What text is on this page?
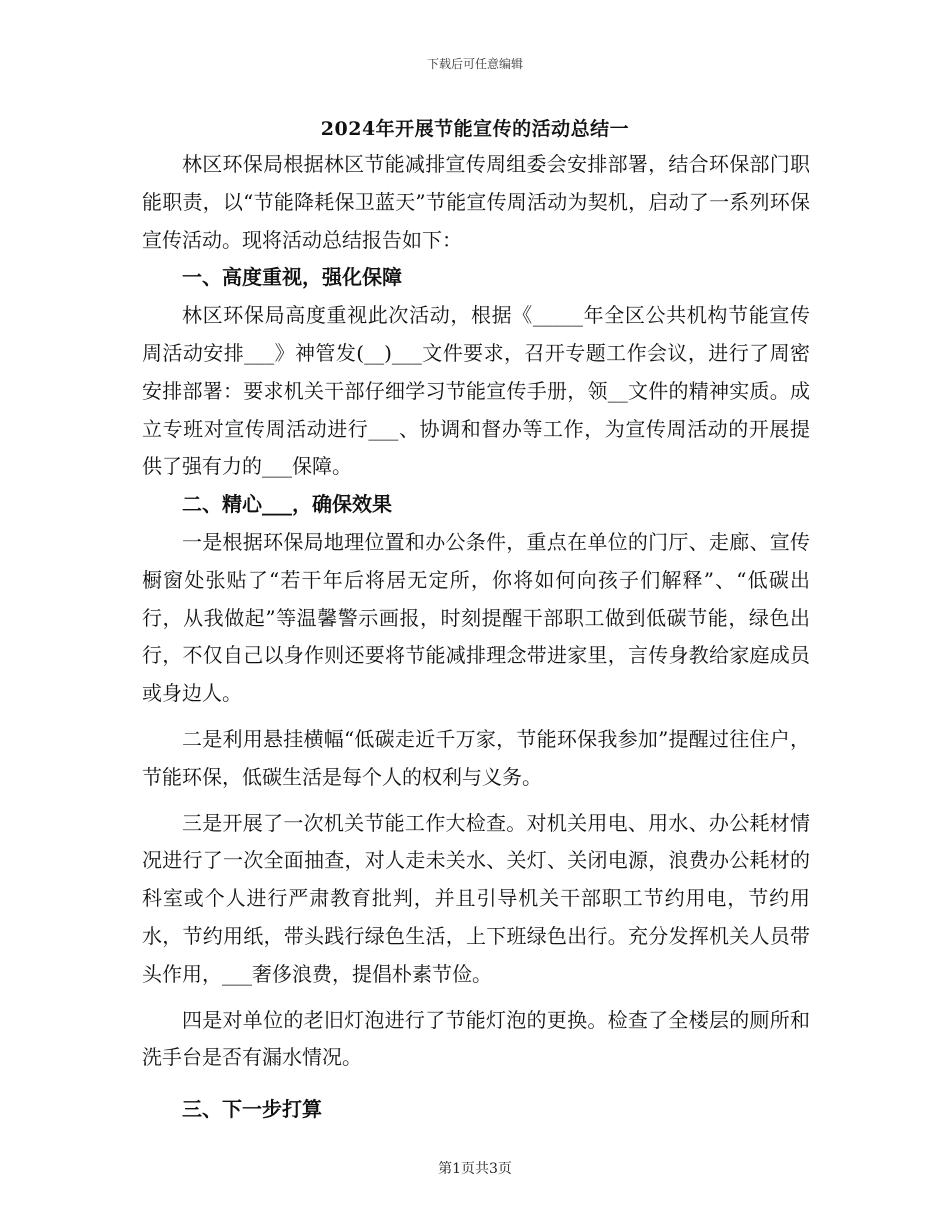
下载后可任意编辑
2024年开展节能宣传的活动总结一

林区环保局根据林区节能减排宣传周组委会安排部署，结合环保部门职能职责，以“节能降耗保卫蓝天”节能宣传周活动为契机，启动了一系列环保宣传活动。现将活动总结报告如下：

一、高度重视，强化保障

林区环保局高度重视此次活动，根据《_____年全区公共机构节能宣传周活动安排___》神管发(__)___文件要求，召开专题工作会议，进行了周密安排部署：要求机关干部仔细学习节能宣传手册，领__文件的精神实质。成立专班对宣传周活动进行___、协调和督办等工作，为宣传周活动的开展提供了强有力的___保障。

二、精心___，确保效果

一是根据环保局地理位置和办公条件，重点在单位的门厅、走廊、宣传橱窗处张贴了“若干年后将居无定所，你将如何向孩子们解释”、“低碳出行，从我做起”等温馨警示画报，时刻提醒干部职工做到低碳节能，绿色出行，不仅自己以身作则还要将节能减排理念带进家里，言传身教给家庭成员或身边人。

二是利用悬挂横幅“低碳走近千万家，节能环保我参加”提醒过往住户，节能环保，低碳生活是每个人的权利与义务。

三是开展了一次机关节能工作大检查。对机关用电、用水、办公耗材情况进行了一次全面抽查，对人走未关水、关灯、关闭电源，浪费办公耗材的科室或个人进行严肃教育批判，并且引导机关干部职工节约用电，节约用水，节约用纸，带头践行绿色生活，上下班绿色出行。充分发挥机关人员带头作用，___奢侈浪费，提倡朴素节俭。

四是对单位的老旧灯泡进行了节能灯泡的更换。检查了全楼层的厕所和洗手台是否有漏水情况。

三、下一步打算

第1页共3页
